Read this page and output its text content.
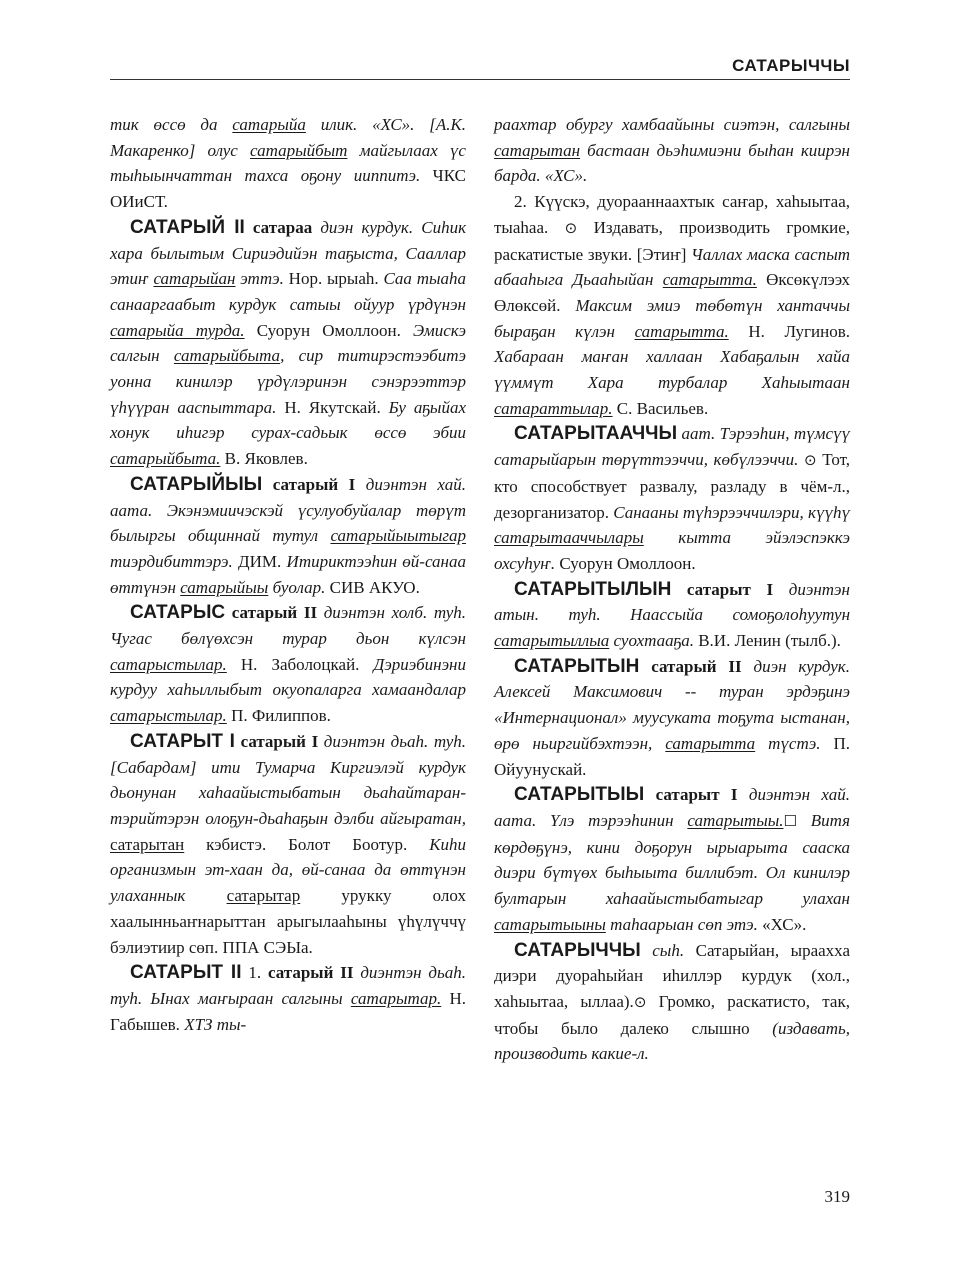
САТАРЫЧЧЫ

тик өссө да сатарыйа илик. «ХС». [А.К. Макаренко] олус сатарыйбыт майгылаах үс тыһыынчаттан тахса оҕону ииппитэ. ЧКС ОИиСТ.

САТАРЫЙ II сатараа диэн курдук. Сиһик хара былытым Сириэдийэн таҕыста, Сааллар этиҥ сатарыйан эттэ. Нор. ырыаһ. Саа тыаһа санааргаабыт курдук сатыы ойуур үрдүнэн сатарыйа турда. Суорун Омоллоон. Эмискэ салгын сатарыйбыта, сир титирэстээбитэ уонна кинилэр үрдүлэринэн сэнэрээттэр үһүүран ааспыттара. Н. Якутскай. Бу аҕыйах хонук иһигэр сурах-садьык өссө эбии сатарыйбыта. В. Яковлев.

САТАРЫЙЫЫ сатарый I диэнтэн хай. аата. Экэнэмиичэскэй үсулуобуйалар төрүт былыргы общиннай тутул сатарыйыытыгар тиэрдибиттэрэ. ДИМ. Итириктээһин өй-санаа өттүнэн сатарыйыы буолар. СИВ АКУО.

САТАРЫС сатарый II диэнтэн холб. туһ. Чугас бөлүөхсэн турар дьон күлсэн сатарыстылар. Н. Заболоцкай. Дэриэбинэни курдуу хаһыллыбыт окуопаларга хамаандалар сатарыстылар. П. Филиппов.

САТАРЫТ I сатарый I диэнтэн дьаһ. туһ. [Сабардам] ити Тумарча Киргиэлэй курдук дьонунан хаһаайыстыбатын дьаһайтаран-тэрийтэрэн олоҕун-дьаһаҕын дэлби айгыратан, сатарытан кэбистэ. Болот Боотур. Киһи организмын эт-хаан да, өй-санаа да өттүнэн улаханнык сатарытар урукку олох хаалынньаҥнарыттан арыгылааһыны үһүлүччү бэлиэтиир сөп. ППА СЭЫа.

САТАРЫТ II 1. сатарый II диэнтэн дьаһ. туһ. Ынах маҥыраан салгыны сатарытар. Н. Габышев. ХТЗ ты-

раахтар обургу хамбаайыны сиэтэн, салгыны сатарытан бастаан дьэһимиэни быһан киирэн барда. «ХС».

2. Күүскэ, дуорааннаахтык саҥар, хаһыытаа, тыаһаа. ⊙ Издавать, производить громкие, раскатистые звуки. [Этиҥ] Чаллах маска саспыт абааһыга Дьааһыйан сатарытта. Өксөкүлээх Өлөксөй. Максим эмиэ төбөтүн хантаччы быраҕан күлэн сатарытта. Н. Лугинов. Хабараан маҥан халлаан Хабаҕалын хайа үүммүт Хара турбалар Хаһыытаан сатараттылар. С. Васильев.

САТАРЫТААЧЧЫ аат. Тэрээһин, түмсүү сатарыйарын төрүттээччи, көбүлээччи. ⊙ Тот, кто способствует развалу, разладу в чём-л., дезорганизатор. Санааны түһэрээччилэри, күүһү сатарытааччылары кытта эйэлэспэккэ охсуһуҥ. Суорун Омоллоон.

САТАРЫТЫЛЫН сатарыт I диэнтэн атын. туһ. Наассыйа сомоҕолоһуутун сатарытыллыа суохтааҕа. В.И. Ленин (тылб.).

САТАРЫТЫН сатарый II диэн курдук. Алексей Максимович -- туран эрдэҕинэ «Интернационал» муусуката тоҕута ыстанан, өрө ньиргийбэхтээн, сатарытта түстэ. П. Ойуунускай.

САТАРЫТЫЫ сатарыт I диэнтэн хай. аата. Үлэ тэрээһинин сатарытыы.☐ Витя көрдөҕүнэ, кини доҕорун ырыарыта сааска диэри бүтүөх быһыыта биллибэт. Ол кинилэр бултарын хаһаайыстыбатыгар улахан сатарытыыны таһаарыан сөп этэ. «ХС».

САТАРЫЧЧЫ сыһ. Сатарыйан, ыраахха диэри дуораһыйан иһиллэр курдук (хол., хаһыытаа, ыллаа).⊙ Громко, раскатисто, так, чтобы было далеко слышно (издавать, производить какие-л.

319
